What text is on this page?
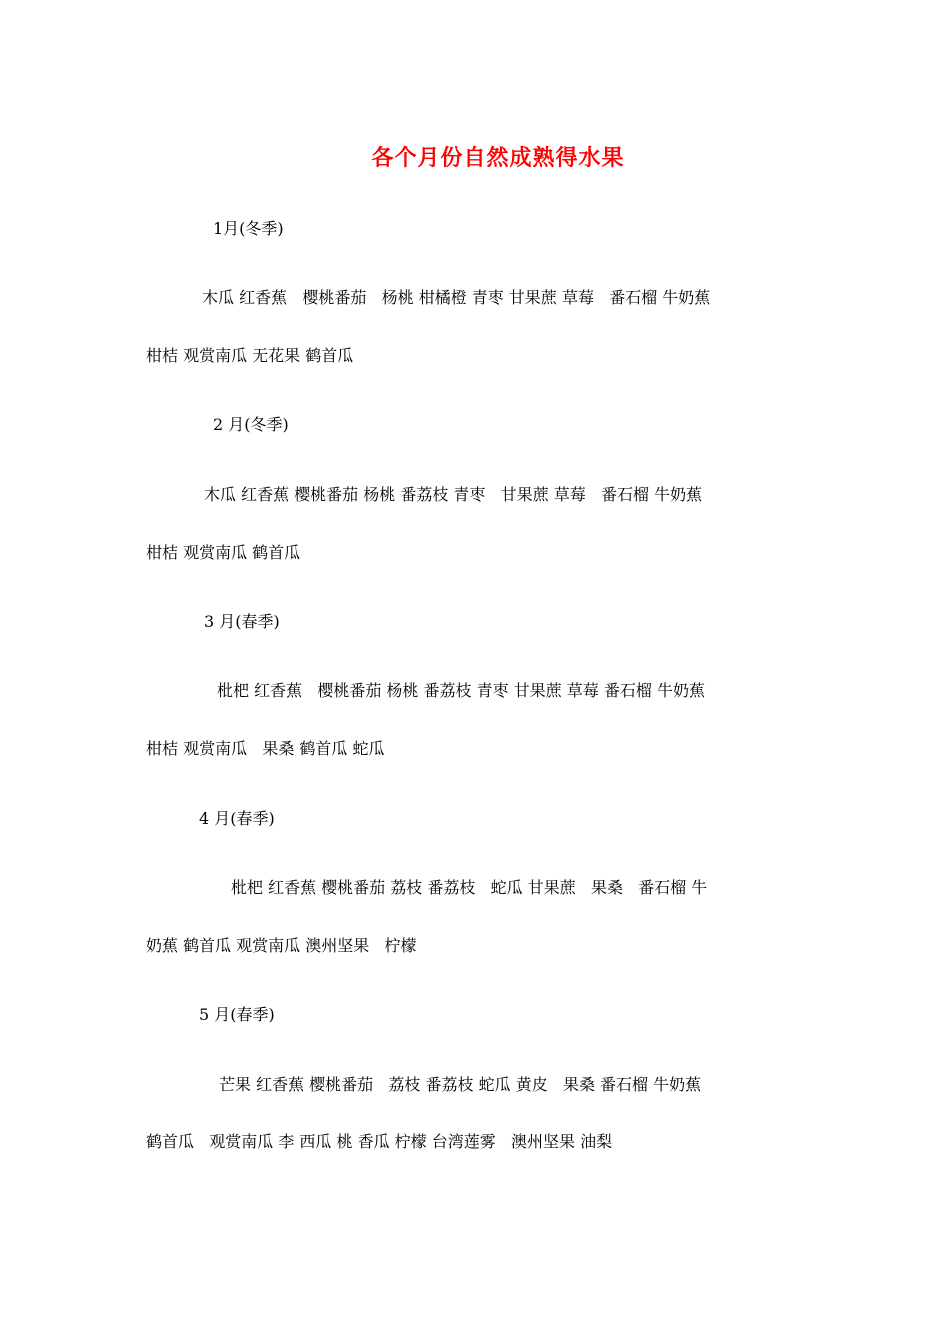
各个月份自然成熟得水果
1月(冬季)
木瓜 红香蕉   樱桃番茄   杨桃 柑橘橙 青枣 甘果蔗 草莓   番石榴 牛奶蕉
柑桔 观赏南瓜 无花果 鹤首瓜
2 月(冬季)
木瓜 红香蕉 樱桃番茄 杨桃 番荔枝 青枣   甘果蔗 草莓   番石榴 牛奶蕉
柑桔 观赏南瓜 鹤首瓜
3 月(春季)
枇杷 红香蕉   樱桃番茄 杨桃 番荔枝 青枣 甘果蔗 草莓 番石榴 牛奶蕉
柑桔 观赏南瓜   果桑 鹤首瓜 蛇瓜
4 月(春季)
枇杷 红香蕉 樱桃番茄 荔枝 番荔枝   蛇瓜 甘果蔗   果桑   番石榴 牛
奶蕉 鹤首瓜 观赏南瓜 澳州坚果   柠檬
5 月(春季)
芒果 红香蕉 樱桃番茄   荔枝 番荔枝 蛇瓜 黄皮   果桑 番石榴 牛奶蕉
鹤首瓜   观赏南瓜 李 西瓜 桃 香瓜 柠檬 台湾莲雾   澳州坚果 油梨
